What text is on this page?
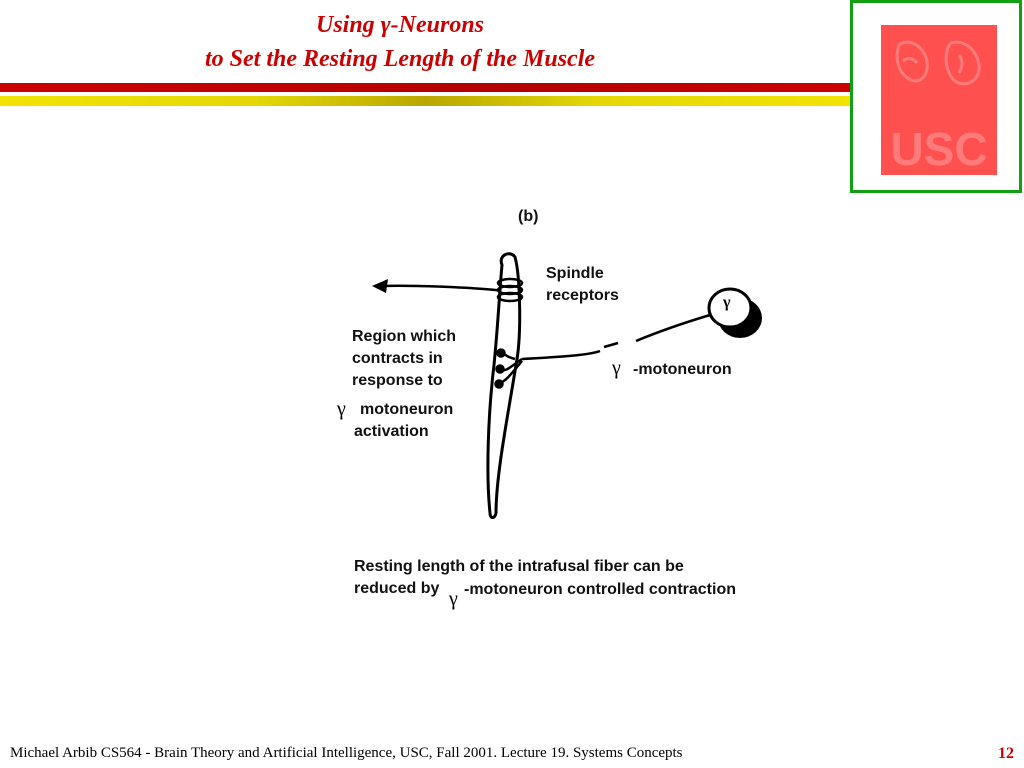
Using γ-Neurons
to Set the Resting Length of the Muscle
USC
(b)
Spindle
receptors	γ
γ -motoneuron
Region which
contracts in
response to
γ motoneuron
activation
Resting length of the intrafusal fiber can be
reduced by γ -motoneuron controlled contraction
Michael Arbib CS564 - Brain Theory and Artificial Intelligence, USC, Fall 2001. Lecture 19. Systems Concepts	12
